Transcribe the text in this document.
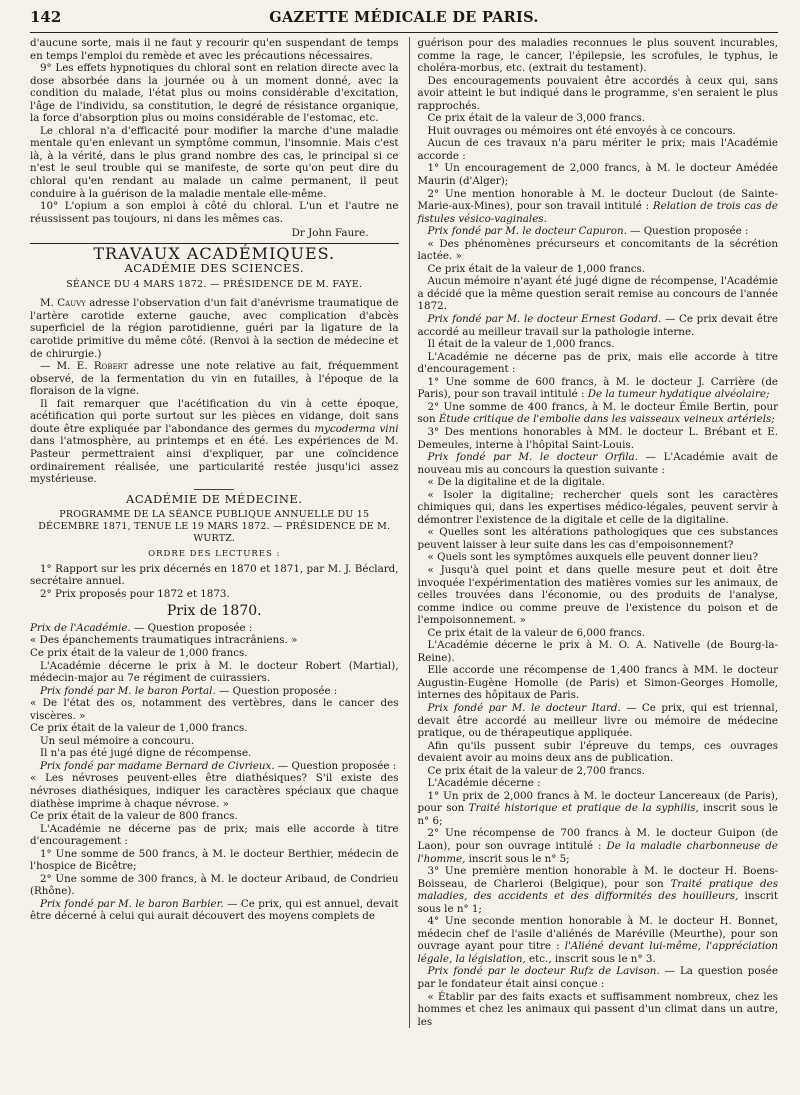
142	GAZETTE MÉDICALE DE PARIS.

d'aucune sorte, mais il ne faut y recourir qu'en suspendant de temps en temps l'emploi du remède et avec les précautions nécessaires.

9° Les effets hypnotiques du chloral sont en relation directe avec la dose absorbée dans la journée ou à un moment donné, avec la condition du malade, l'état plus ou moins considérable d'excitation, l'âge de l'individu, sa constitution, le degré de résistance organique, la force d'absorption plus ou moins considérable de l'estomac, etc.

Le chloral n'a d'efficacité pour modifier la marche d'une maladie mentale qu'en enlevant un symptôme commun, l'insomnie. Mais c'est là, à la vérité, dans le plus grand nombre des cas, le principal si ce n'est le seul trouble qui se manifeste, de sorte qu'on peut dire du chloral qu'en rendant au malade un calme permanent, il peut conduire à la guérison de la maladie mentale elle-même.

10° L'opium a son emploi à côté du chloral. L'un et l'autre ne réussissent pas toujours, ni dans les mêmes cas.

Dr John Faure.
TRAVAUX ACADÉMIQUES.
ACADÉMIE DES SCIENCES.
SÉANCE DU 4 MARS 1872. — PRÉSIDENCE DE M. FAYE.

M. Cauvy adresse l'observation d'un fait d'anévrisme traumatique de l'artère carotide externe gauche, avec complication d'abcès superficiel de la région parotidienne, guéri par la ligature de la carotide primitive du même côté. (Renvoi à la section de médecine et de chirurgie.)

— M. E. Robert adresse une note relative au fait, fréquemment observé, de la fermentation du vin en futailles, à l'époque de la floraison de la vigne.

Il fait remarquer que l'acétification du vin à cette époque, acétification qui porte surtout sur les pièces en vidange, doit sans doute être expliquée par l'abondance des germes du mycoderma vini dans l'atmosphère, au printemps et en été. Les expériences de M. Pasteur permettraient ainsi d'expliquer, par une coïncidence ordinairement réalisée, une particularité restée jusqu'ici assez mystérieuse.

ACADÉMIE DE MÉDECINE.
PROGRAMME DE LA SÉANCE PUBLIQUE ANNUELLE DU 15 DÉCEMBRE 1871, TENUE LE 19 MARS 1872. — PRÉSIDENCE DE M. WURTZ.
ORDRE DES LECTURES :

1° Rapport sur les prix décernés en 1870 et 1871, par M. J. Béclard, secrétaire annuel.

2° Prix proposés pour 1872 et 1873.

Prix de 1870.

Prix de l'Académie. — Question proposée :

« Des épanchements traumatiques intracrâniens. »

Ce prix était de la valeur de 1,000 francs.

L'Académie décerne le prix à M. le docteur Robert (Martial), médecin-major au 7e régiment de cuirassiers.

Prix fondé par M. le baron Portal. — Question proposée :

« De l'état des os, notamment des vertèbres, dans le cancer des viscères. »

Ce prix était de la valeur de 1,000 francs.

Un seul mémoire a concouru.

Il n'a pas été jugé digne de récompense.

Prix fondé par madame Bernard de Civrieux. — Question proposée :

« Les névroses peuvent-elles être diathésiques? S'il existe des névroses diathésiques, indiquer les caractères spéciaux que chaque diathèse imprime à chaque névrose. »

Ce prix était de la valeur de 800 francs.

L'Académie ne décerne pas de prix; mais elle accorde à titre d'encouragement :

1° Une somme de 500 francs, à M. le docteur Berthier, médecin de l'hospice de Bicêtre;

2° Une somme de 300 francs, à M. le docteur Aribaud, de Condrieu (Rhône).

Prix fondé par M. le baron Barbier. — Ce prix, qui est annuel, devait être décerné à celui qui aurait découvert des moyens complets de

guérison pour des maladies reconnues le plus souvent incurables, comme la rage, le cancer, l'épilepsie, les scrofules, le typhus, le choléra-morbus, etc. (extrait du testament).

Des encouragements pouvaient être accordés à ceux qui, sans avoir atteint le but indiqué dans le programme, s'en seraient le plus rapprochés.

Ce prix était de la valeur de 3,000 francs.

Huit ouvrages ou mémoires ont été envoyés à ce concours.

Aucun de ces travaux n'a paru mériter le prix; mais l'Académie accorde :

1° Un encouragement de 2,000 francs, à M. le docteur Amédée Maurin (d'Alger);

2° Une mention honorable à M. le docteur Duclout (de Sainte-Marie-aux-Mines), pour son travail intitulé : Relation de trois cas de fistules vésico-vaginales.

Prix fondé par M. le docteur Capuron. — Question proposée :

« Des phénomènes précurseurs et concomitants de la sécrétion lactée. »

Ce prix était de la valeur de 1,000 francs.

Aucun mémoire n'ayant été jugé digne de récompense, l'Académie a décidé que la même question serait remise au concours de l'année 1872.

Prix fondé par M. le docteur Ernest Godard. — Ce prix devait être accordé au meilleur travail sur la pathologie interne.

Il était de la valeur de 1,000 francs.

L'Académie ne décerne pas de prix, mais elle accorde à titre d'encouragement :

1° Une somme de 600 francs, à M. le docteur J. Carrière (de Paris), pour son travail intitulé : De la tumeur hydatique alvéolaire;

2° Une somme de 400 francs, à M. le docteur Émile Bertin, pour son Étude critique de l'embolie dans les vaisseaux veineux artériels;

3° Des mentions honorables à MM. le docteur L. Brébant et E. Demeules, interne à l'hôpital Saint-Louis.

Prix fondé par M. le docteur Orfila. — L'Académie avait de nouveau mis au concours la question suivante :

« De la digitaline et de la digitale.

« Isoler la digitaline; rechercher quels sont les caractères chimiques qui, dans les expertises médico-légales, peuvent servir à démontrer l'existence de la digitale et celle de la digitaline.

« Quelles sont les altérations pathologiques que ces substances peuvent laisser à leur suite dans les cas d'empoisonnement?

« Quels sont les symptômes auxquels elle peuvent donner lieu?

« Jusqu'à quel point et dans quelle mesure peut et doit être invoquée l'expérimentation des matières vomies sur les animaux, de celles trouvées dans l'économie, ou des produits de l'analyse, comme indice ou comme preuve de l'existence du poison et de l'empoisonnement. »

Ce prix était de la valeur de 6,000 francs.

L'Académie décerne le prix à M. O. A. Nativelle (de Bourg-la-Reine).

Elle accorde une récompense de 1,400 francs à MM. le docteur Augustin-Eugène Homolle (de Paris) et Simon-Georges Homolle, internes des hôpitaux de Paris.

Prix fondé par M. le docteur Itard. — Ce prix, qui est triennal, devait être accordé au meilleur livre ou mémoire de médecine pratique, ou de thérapeutique appliquée.

Afin qu'ils pussent subir l'épreuve du temps, ces ouvrages devaient avoir au moins deux ans de publication.

Ce prix était de la valeur de 2,700 francs.

L'Académie décerne :

1° Un prix de 2,000 francs à M. le docteur Lancereaux (de Paris), pour son Traité historique et pratique de la syphilis, inscrit sous le n° 6;

2° Une récompense de 700 francs à M. le docteur Guipon (de Laon), pour son ouvrage intitulé : De la maladie charbonneuse de l'homme, inscrit sous le n° 5;

3° Une première mention honorable à M. le docteur H. Boens-Boisseau, de Charleroi (Belgique), pour son Traité pratique des maladies, des accidents et des difformités des houilleurs, inscrit sous le n° 1;

4° Une seconde mention honorable à M. le docteur H. Bonnet, médecin chef de l'asile d'aliénés de Maréville (Meurthe), pour son ouvrage ayant pour titre : l'Aliéné devant lui-même, l'appréciation légale, la législation, etc., inscrit sous le n° 3.

Prix fondé par le docteur Rufz de Lavison. — La question posée par le fondateur était ainsi conçue :

« Établir par des faits exacts et suffisamment nombreux, chez les hommes et chez les animaux qui passent d'un climat dans un autre, les
